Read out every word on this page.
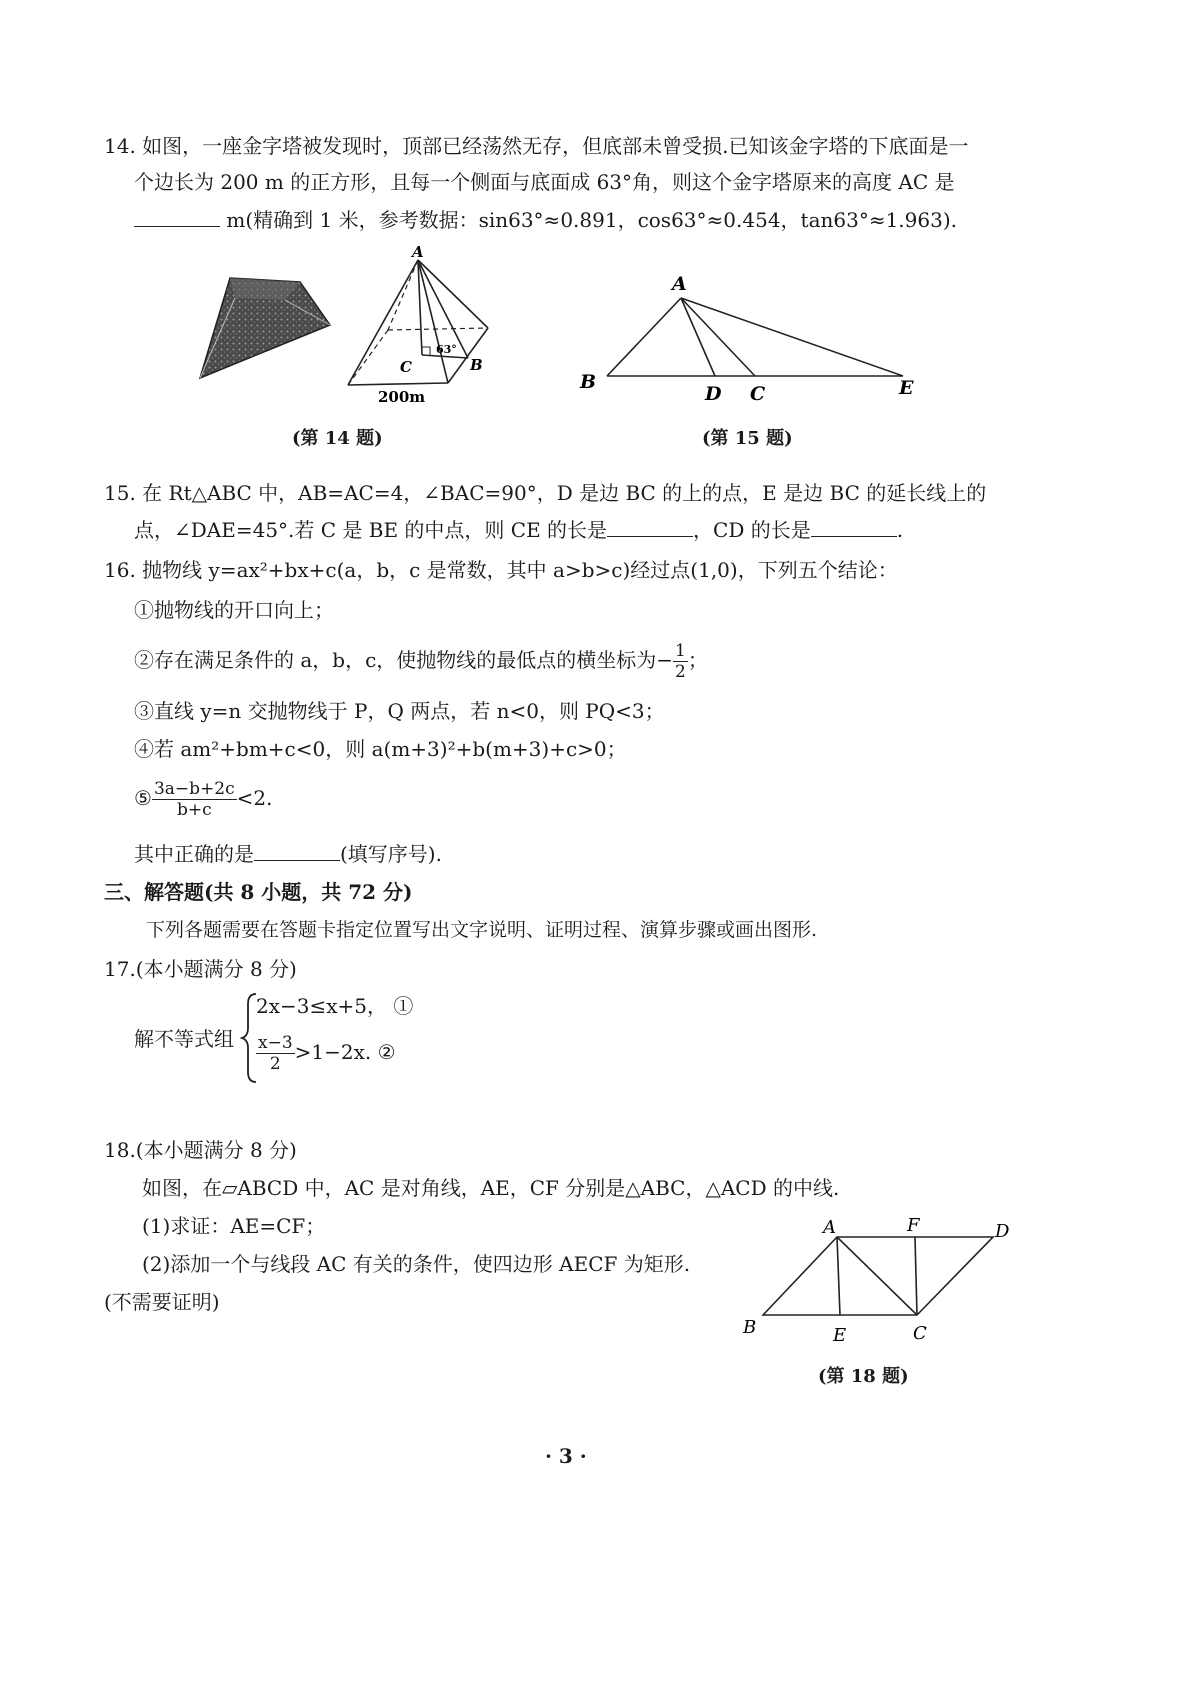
14. 如图，一座金字塔被发现时，顶部已经荡然无存，但底部未曾受损.已知该金字塔的下底面是一
个边长为 200 m 的正方形，且每一个侧面与底面成 63°角，则这个金字塔原来的高度 AC 是
m(精确到 1 米，参考数据：sin63°≈0.891，cos63°≈0.454，tan63°≈1.963).
A
B
C
63°
200m
(第 14 题)
A
B
D C	E
(第 15 题)
15. 在 Rt△ABC 中，AB=AC=4，∠BAC=90°，D 是边 BC 的上的点，E 是边 BC 的延长线上的
点，∠DAE=45°.若 C 是 BE 的中点，则 CE 的长是	，CD 的长是	.
16. 抛物线 y=ax²+bx+c(a，b，c 是常数，其中 a>b>c)经过点(1,0)，下列五个结论：
①抛物线的开口向上；
②存在满足条件的 a，b，c，使抛物线的最低点的横坐标为− $\frac{1}{2}$ ；
③直线 y=n 交抛物线于 P，Q 两点，若 n<0，则 PQ<3；
④若 am²+bm+c<0，则 a(m+3)²+b(m+3)+c>0；
⑤ $\frac{3a-b+2c}{b+c} <2$.
其中正确的是	(填写序号).
三、解答题(共 8 小题，共 72 分)
下列各题需要在答题卡指定位置写出文字说明、证明过程、演算步骤或画出图形.
17.(本小题满分 8 分)
解不等式组
2x−3≤x+5， ①
$\frac{x-3}{2} >1-2x$. ②
18.(本小题满分 8 分)
如图，在▱ABCD 中，AC 是对角线，AE，CF 分别是△ABC，△ACD 的中线.
(1)求证：AE=CF；
(2)添加一个与线段 AC 有关的条件，使四边形 AECF 为矩形.
(不需要证明)
A	F	D
B	E	C
(第 18 题)
· 3 ·
